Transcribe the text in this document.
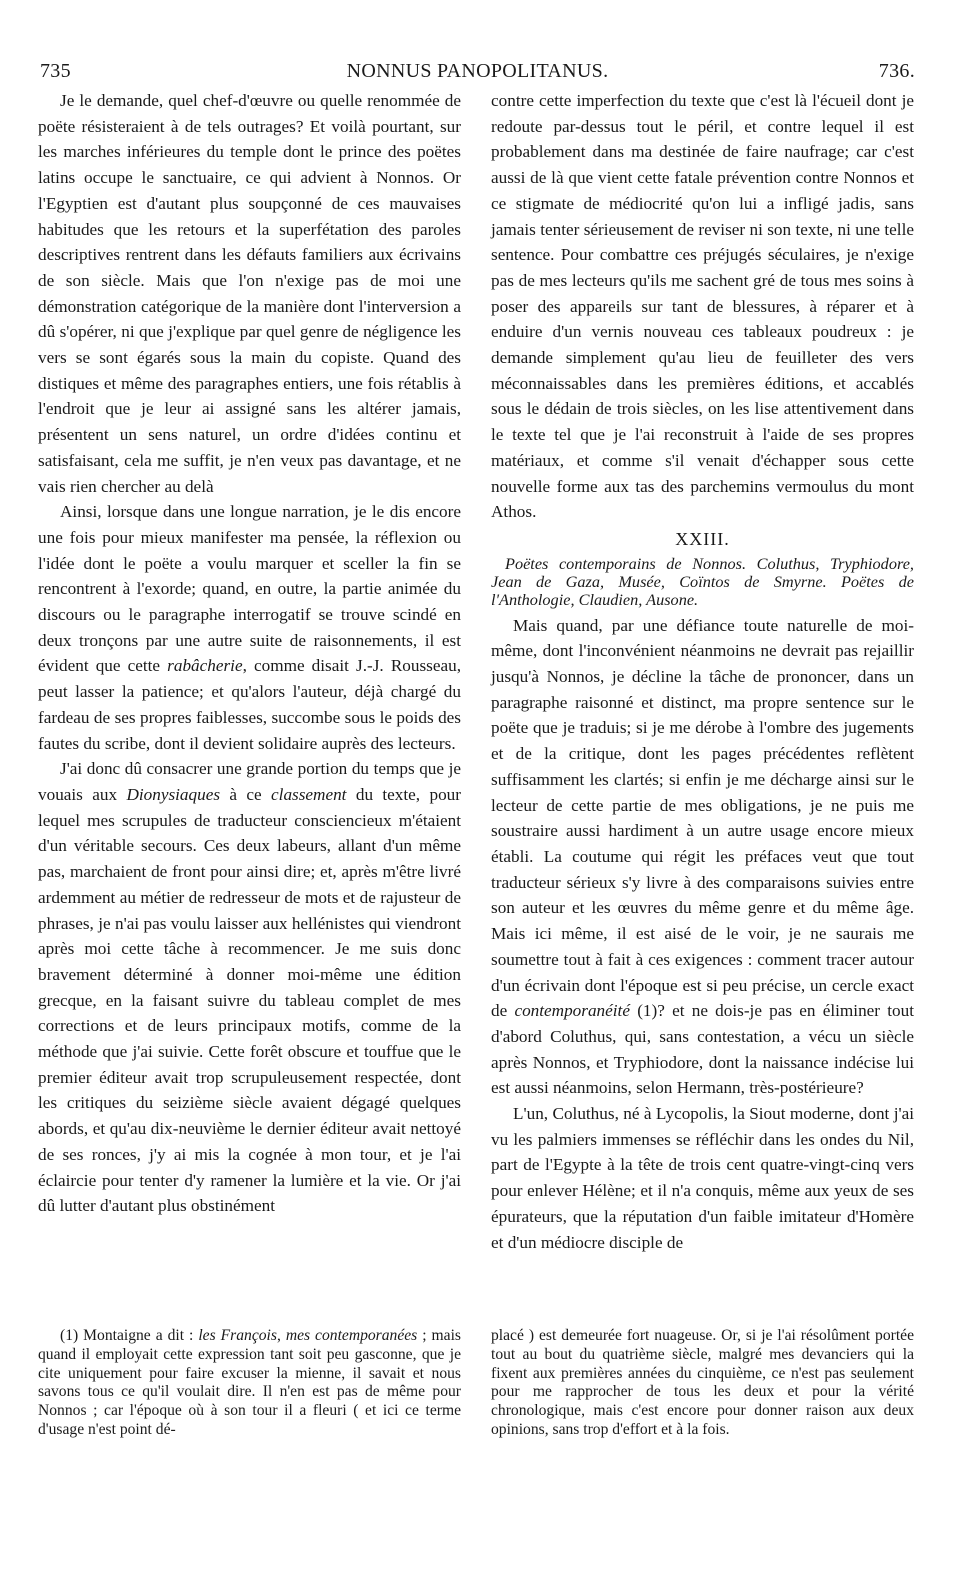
735	NONNUS PANOPOLITANUS.	736.

Je le demande, quel chef-d'œuvre ou quelle renommée de poëte résisteraient à de tels outrages? Et voilà pourtant, sur les marches inférieures du temple dont le prince des poëtes latins occupe le sanctuaire, ce qui advient à Nonnos. Or l'Egyptien est d'autant plus soupçonné de ces mauvaises habitudes que les retours et la superfétation des paroles descriptives rentrent dans les défauts familiers aux écrivains de son siècle. Mais que l'on n'exige pas de moi une démonstration catégorique de la manière dont l'interversion a dû s'opérer, ni que j'explique par quel genre de négligence les vers se sont égarés sous la main du copiste. Quand des distiques et même des paragraphes entiers, une fois rétablis à l'endroit que je leur ai assigné sans les altérer jamais, présentent un sens naturel, un ordre d'idées continu et satisfaisant, cela me suffit, je n'en veux pas davantage, et ne vais rien chercher au delà

Ainsi, lorsque dans une longue narration, je le dis encore une fois pour mieux manifester ma pensée, la réflexion ou l'idée dont le poëte a voulu marquer et sceller la fin se rencontrent à l'exorde; quand, en outre, la partie animée du discours ou le paragraphe interrogatif se trouve scindé en deux tronçons par une autre suite de raisonnements, il est évident que cette rabâcherie, comme disait J.-J. Rousseau, peut lasser la patience; et qu'alors l'auteur, déjà chargé du fardeau de ses propres faiblesses, succombe sous le poids des fautes du scribe, dont il devient solidaire auprès des lecteurs.

J'ai donc dû consacrer une grande portion du temps que je vouais aux Dionysiaques à ce classement du texte, pour lequel mes scrupules de traducteur consciencieux m'étaient d'un véritable secours. Ces deux labeurs, allant d'un même pas, marchaient de front pour ainsi dire; et, après m'être livré ardemment au métier de redresseur de mots et de rajusteur de phrases, je n'ai pas voulu laisser aux hellénistes qui viendront après moi cette tâche à recommencer. Je me suis donc bravement déterminé à donner moi-même une édition grecque, en la faisant suivre du tableau complet de mes corrections et de leurs principaux motifs, comme de la méthode que j'ai suivie. Cette forêt obscure et touffue que le premier éditeur avait trop scrupuleusement respectée, dont les critiques du seizième siècle avaient dégagé quelques abords, et qu'au dix-neuvième le dernier éditeur avait nettoyé de ses ronces, j'y ai mis la cognée à mon tour, et je l'ai éclaircie pour tenter d'y ramener la lumière et la vie. Or j'ai dû lutter d'autant plus obstinément

contre cette imperfection du texte que c'est là l'écueil dont je redoute par-dessus tout le péril, et contre lequel il est probablement dans ma destinée de faire naufrage; car c'est aussi de là que vient cette fatale prévention contre Nonnos et ce stigmate de médiocrité qu'on lui a infligé jadis, sans jamais tenter sérieusement de reviser ni son texte, ni une telle sentence. Pour combattre ces préjugés séculaires, je n'exige pas de mes lecteurs qu'ils me sachent gré de tous mes soins à poser des appareils sur tant de blessures, à réparer et à enduire d'un vernis nouveau ces tableaux poudreux : je demande simplement qu'au lieu de feuilleter des vers méconnaissables dans les premières éditions, et accablés sous le dédain de trois siècles, on les lise attentivement dans le texte tel que je l'ai reconstruit à l'aide de ses propres matériaux, et comme s'il venait d'échapper sous cette nouvelle forme aux tas des parchemins vermoulus du mont Athos.

XXIII.
Poëtes contemporains de Nonnos. Coluthus, Tryphiodore, Jean de Gaza, Musée, Coïntos de Smyrne. Poëtes de l'Anthologie, Claudien, Ausone.

Mais quand, par une défiance toute naturelle de moi-même, dont l'inconvénient néanmoins ne devrait pas rejaillir jusqu'à Nonnos, je décline la tâche de prononcer, dans un paragraphe raisonné et distinct, ma propre sentence sur le poëte que je traduis; si je me dérobe à l'ombre des jugements et de la critique, dont les pages précédentes reflètent suffisamment les clartés; si enfin je me décharge ainsi sur le lecteur de cette partie de mes obligations, je ne puis me soustraire aussi hardiment à un autre usage encore mieux établi. La coutume qui régit les préfaces veut que tout traducteur sérieux s'y livre à des comparaisons suivies entre son auteur et les œuvres du même genre et du même âge. Mais ici même, il est aisé de le voir, je ne saurais me soumettre tout à fait à ces exigences : comment tracer autour d'un écrivain dont l'époque est si peu précise, un cercle exact de contemporanéité (1)? et ne dois-je pas en éliminer tout d'abord Coluthus, qui, sans contestation, a vécu un siècle après Nonnos, et Tryphiodore, dont la naissance indécise lui est aussi néanmoins, selon Hermann, très-postérieure?

L'un, Coluthus, né à Lycopolis, la Siout moderne, dont j'ai vu les palmiers immenses se réfléchir dans les ondes du Nil, part de l'Egypte à la tête de trois cent quatre-vingt-cinq vers pour enlever Hélène; et il n'a conquis, même aux yeux de ses épurateurs, que la réputation d'un faible imitateur d'Homère et d'un médiocre disciple de

(1) Montaigne a dit : les François, mes contemporanées ; mais quand il employait cette expression tant soit peu gasconne, que je cite uniquement pour faire excuser la mienne, il savait et nous savons tous ce qu'il voulait dire. Il n'en est pas de même pour Nonnos ; car l'époque où à son tour il a fleuri ( et ici ce terme d'usage n'est point dé-

placé ) est demeurée fort nuageuse. Or, si je l'ai résolûment portée tout au bout du quatrième siècle, malgré mes devanciers qui la fixent aux premières années du cinquième, ce n'est pas seulement pour me rapprocher de tous les deux et pour la vérité chronologique, mais c'est encore pour donner raison aux deux opinions, sans trop d'effort et à la fois.
